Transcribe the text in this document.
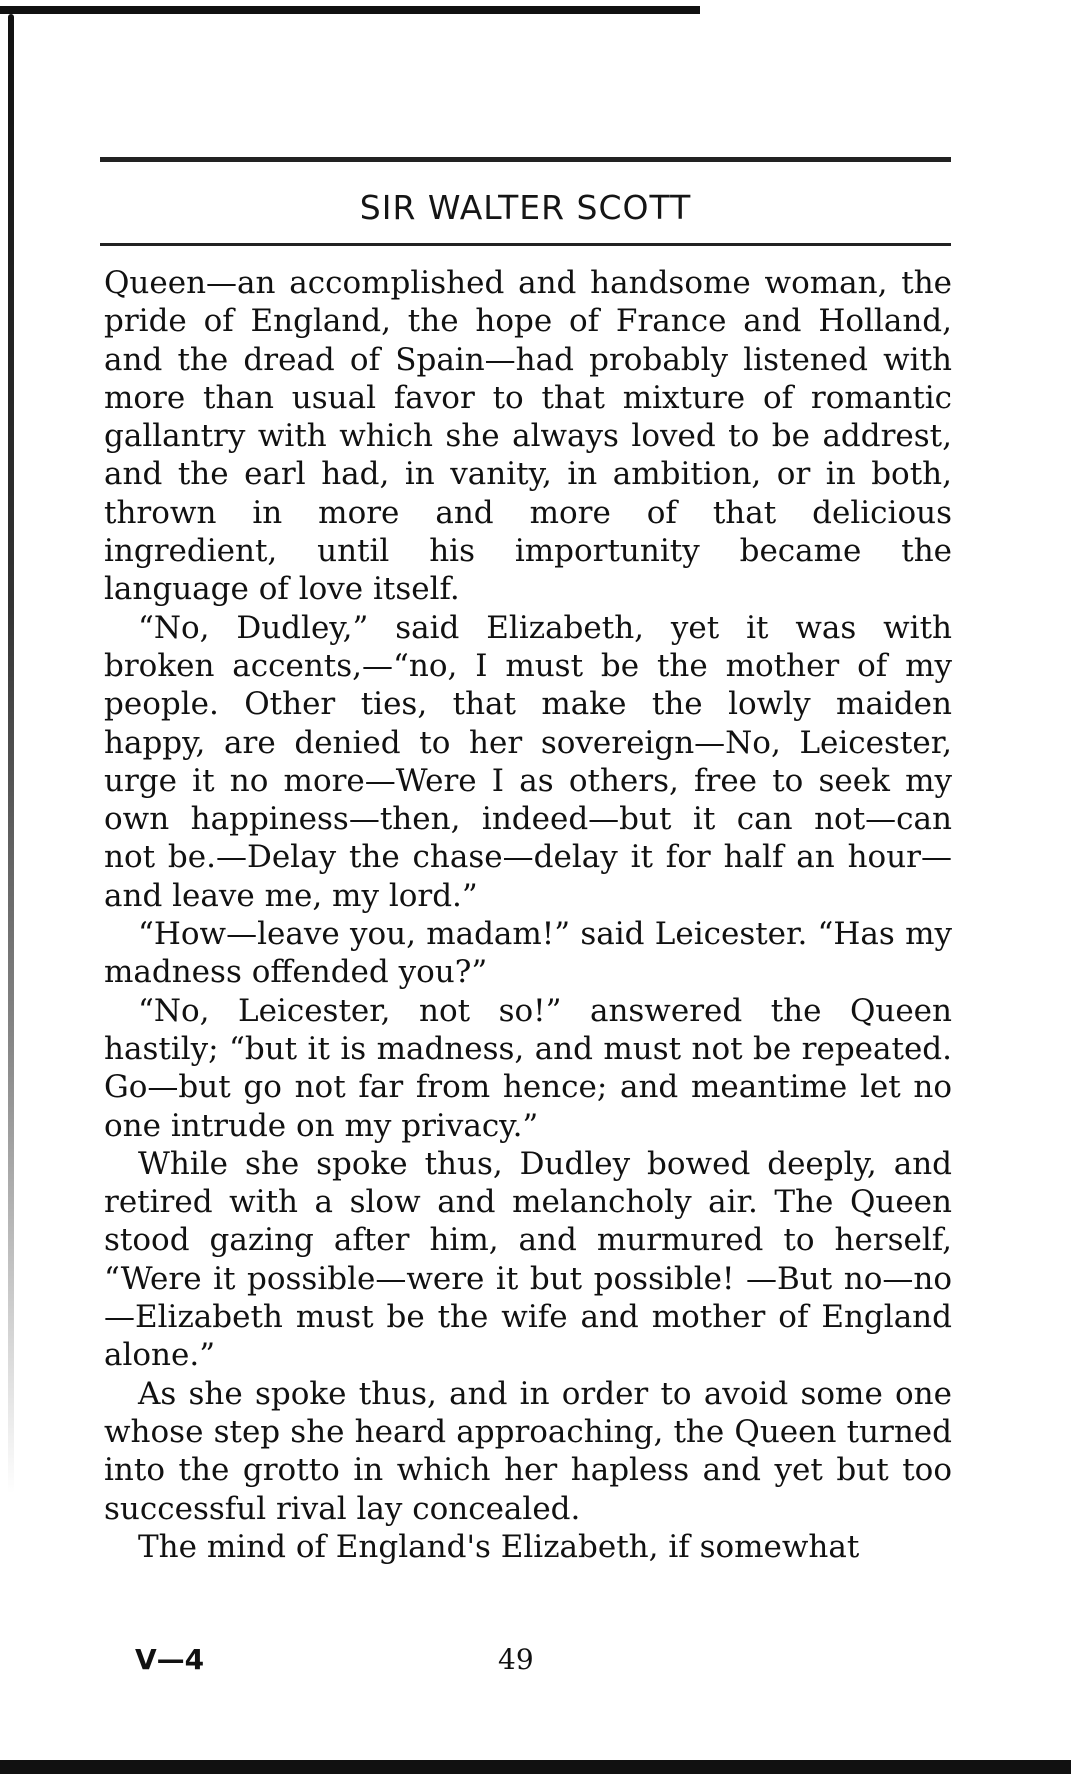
SIR WALTER SCOTT

Queen—an accomplished and handsome woman, the pride of England, the hope of France and Holland, and the dread of Spain—had probably listened with more than usual favor to that mixture of romantic gallantry with which she always loved to be addrest, and the earl had, in vanity, in ambition, or in both, thrown in more and more of that delicious ingredient, until his importunity became the language of love itself.

“No, Dudley,” said Elizabeth, yet it was with broken accents,—“no, I must be the mother of my people. Other ties, that make the lowly maiden happy, are denied to her sovereign—No, Leicester, urge it no more—Were I as others, free to seek my own happiness—then, indeed—but it can not—can not be.—Delay the chase—delay it for half an hour—and leave me, my lord.”

“How—leave you, madam!” said Leicester. “Has my madness offended you?”

“No, Leicester, not so!” answered the Queen hastily; “but it is madness, and must not be repeated. Go—but go not far from hence; and meantime let no one intrude on my privacy.”

While she spoke thus, Dudley bowed deeply, and retired with a slow and melancholy air. The Queen stood gazing after him, and murmured to herself, “Were it possible—were it but possible! —But no—no—Elizabeth must be the wife and mother of England alone.”

As she spoke thus, and in order to avoid some one whose step she heard approaching, the Queen turned into the grotto in which her hapless and yet but too successful rival lay concealed.

The mind of England's Elizabeth, if somewhat

V—4	49
